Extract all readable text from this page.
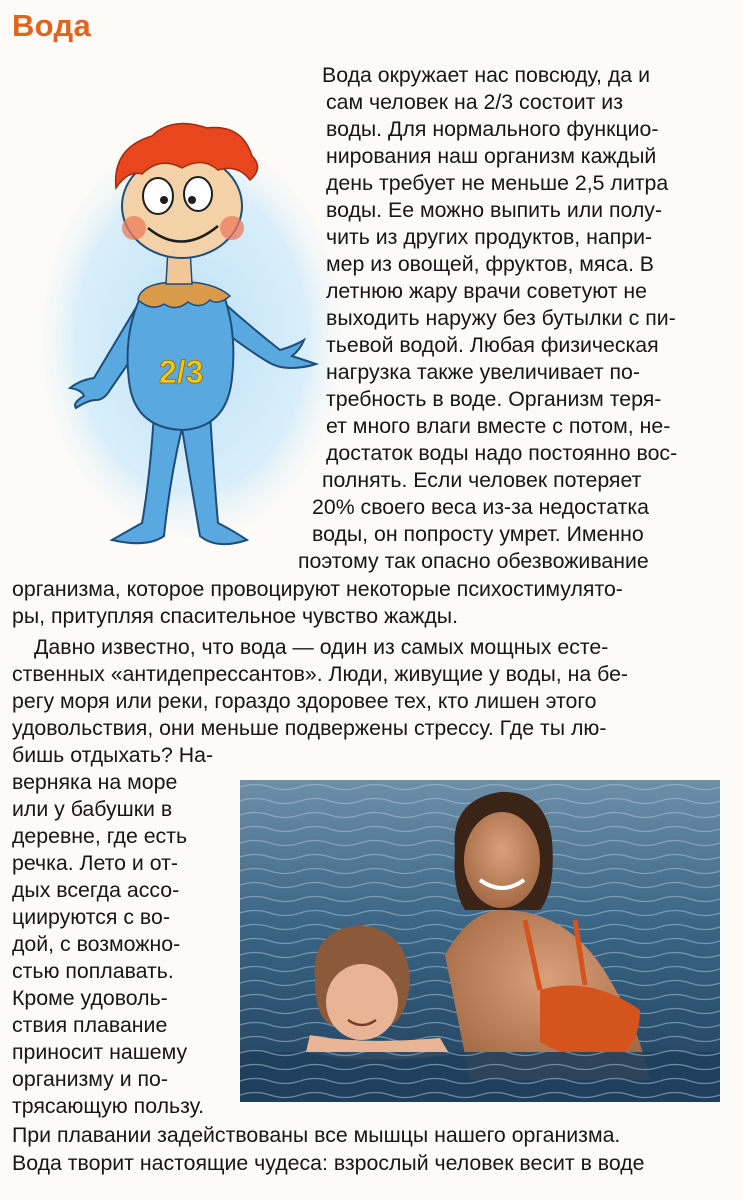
Вода
2/3
Вода окружает нас повсюду, да и
сам человек на 2/3 состоит из
воды. Для нормального функцио-
нирования наш организм каждый
день требует не меньше 2,5 литра
воды. Ее можно выпить или полу-
чить из других продуктов, напри-
мер из овощей, фруктов, мяса. В
летнюю жару врачи советуют не
выходить наружу без бутылки с пи-
тьевой водой. Любая физическая
нагрузка также увеличивает по-
требность в воде. Организм теря-
ет много влаги вместе с потом, не-
достаток воды надо постоянно вос-
полнять. Если человек потеряет
20% своего веса из-за недостатка
воды, он попросту умрет. Именно
поэтому так опасно обезвоживание
организма, которое провоцируют некоторые психостимулято-
ры, притупляя спасительное чувство жажды.
Давно известно, что вода — один из самых мощных есте-
ственных «антидепрессантов». Люди, живущие у воды, на бе-
регу моря или реки, гораздо здоровее тех, кто лишен этого
удовольствия, они меньше подвержены стрессу. Где ты лю-
бишь отдыхать? На-
верняка на море
или у бабушки в
деревне, где есть
речка. Лето и от-
дых всегда ассо-
циируются с во-
дой, с возможно-
стью поплавать.
Кроме удоволь-
ствия плавание
приносит нашему
организму и по-
трясающую пользу.
При плавании задействованы все мышцы нашего организма.
Вода творит настоящие чудеса: взрослый человек весит в воде
